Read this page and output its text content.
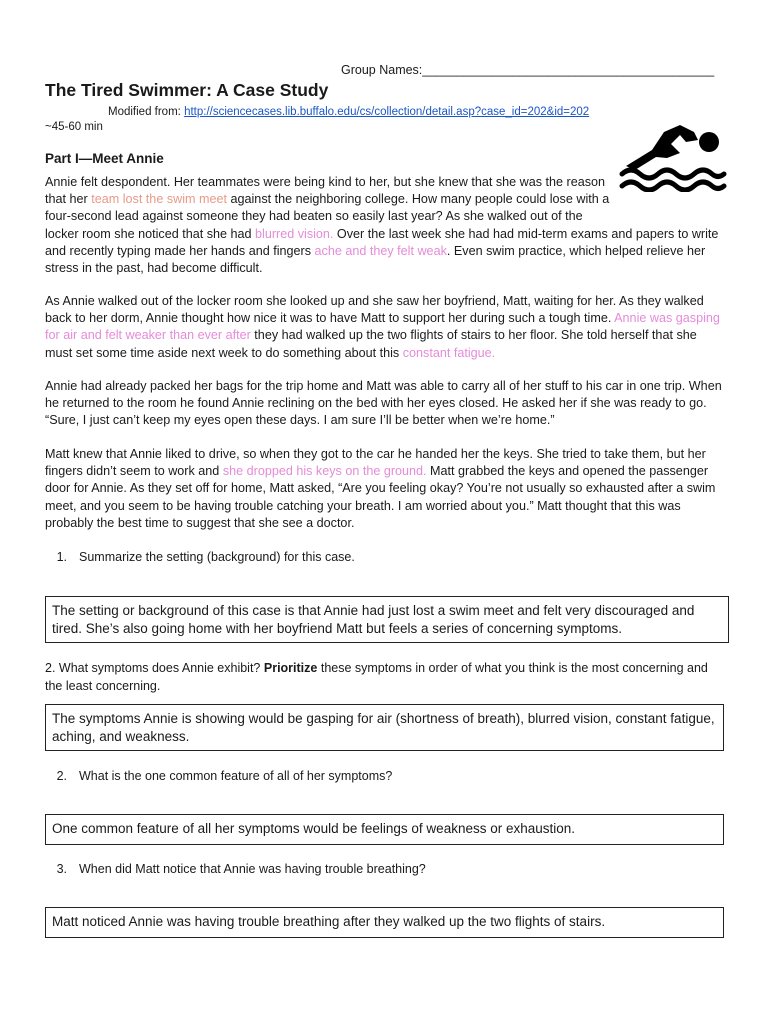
Group Names:__________________________________________
The Tired Swimmer: A Case Study
Modified from: http://sciencecases.lib.buffalo.edu/cs/collection/detail.asp?case_id=202&id=202
~45-60 min
Part I—Meet Annie
Annie felt despondent. Her teammates were being kind to her, but she knew that she was the reason
that her team lost the swim meet against the neighboring college. How many people could lose with a
four-second lead against someone they had beaten so easily last year? As she walked out of the
locker room she noticed that she had blurred vision. Over the last week she had had mid-term exams and papers to write
and recently typing made her hands and fingers ache and they felt weak. Even swim practice, which helped relieve her
stress in the past, had become difficult.
As Annie walked out of the locker room she looked up and she saw her boyfriend, Matt, waiting for her. As they walked
back to her dorm, Annie thought how nice it was to have Matt to support her during such a tough time. Annie was gasping
for air and felt weaker than ever after they had walked up the two flights of stairs to her floor. She told herself that she
must set some time aside next week to do something about this constant fatigue.
Annie had already packed her bags for the trip home and Matt was able to carry all of her stuff to his car in one trip. When
he returned to the room he found Annie reclining on the bed with her eyes closed. He asked her if she was ready to go.
“Sure, I just can’t keep my eyes open these days. I am sure I’ll be better when we’re home.”
Matt knew that Annie liked to drive, so when they got to the car he handed her the keys. She tried to take them, but her
fingers didn’t seem to work and she dropped his keys on the ground. Matt grabbed the keys and opened the passenger
door for Annie. As they set off for home, Matt asked, “Are you feeling okay? You’re not usually so exhausted after a swim
meet, and you seem to be having trouble catching your breath. I am worried about you.” Matt thought that this was
probably the best time to suggest that she see a doctor.
1. Summarize the setting (background) for this case.
The setting or background of this case is that Annie had just lost a swim meet and felt very discouraged and tired. She’s also going home with her boyfriend Matt but feels a series of concerning symptoms.
2. What symptoms does Annie exhibit? Prioritize these symptoms in order of what you think is the most concerning and the least concerning.
The symptoms Annie is showing would be gasping for air (shortness of breath), blurred vision, constant fatigue, aching, and weakness.
2. What is the one common feature of all of her symptoms?
One common feature of all her symptoms would be feelings of weakness or exhaustion.
3. When did Matt notice that Annie was having trouble breathing?
Matt noticed Annie was having trouble breathing after they walked up the two flights of stairs.
